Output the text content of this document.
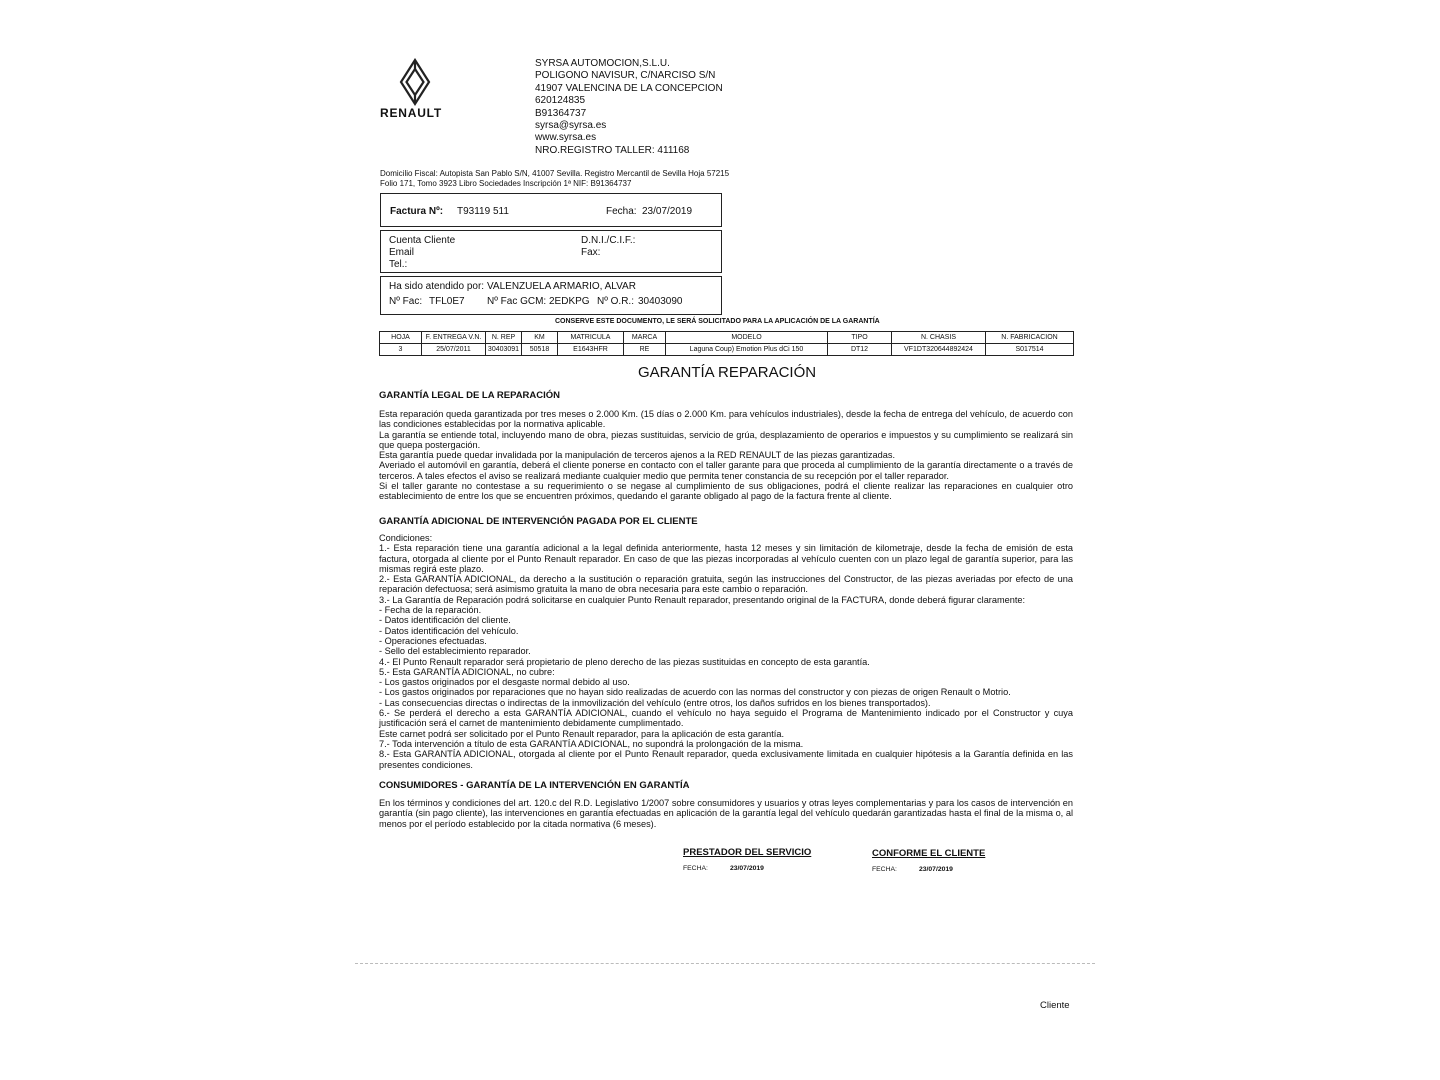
RENAULT
SYRSA AUTOMOCION,S.L.U.
POLIGONO NAVISUR, C/NARCISO S/N
41907 VALENCINA DE LA CONCEPCION
620124835
B91364737
syrsa@syrsa.es
www.syrsa.es
NRO.REGISTRO TALLER: 411168
Domicilio Fiscal: Autopista San Pablo S/N, 41007 Sevilla. Registro Mercantil de Sevilla Hoja 57215
Folio 171, Tomo 3923 Libro Sociedades Inscripción 1ª NIF: B91364737
Factura Nº: T93119 511	Fecha: 23/07/2019
Cuenta Cliente	D.N.I./C.I.F.:
Email	Fax:
Tel.:
Ha sido atendido por: VALENZUELA ARMARIO, ALVAR
Nº Fac: TFL0E7 Nº Fac GCM: 2EDKPG Nº O.R.: 30403090
CONSERVE ESTE DOCUMENTO, LE SERÁ SOLICITADO PARA LA APLICACIÓN DE LA GARANTÍA
HOJA	F. ENTREGA V.N.	N. REP	KM	MATRICULA	MARCA	MODELO	TIPO	N. CHASIS	N. FABRICACION
3	25/07/2011	30403091	50518	E1643HFR	RE	Laguna Coup) Emotion Plus dCi 150	DT12	VF1DT320644892424	S017514
GARANTÍA REPARACIÓN
GARANTÍA LEGAL DE LA REPARACIÓN
Esta reparación queda garantizada por tres meses o 2.000 Km. (15 días o 2.000 Km. para vehículos industriales), desde la fecha de entrega del vehículo, de acuerdo con las condiciones establecidas por la normativa aplicable.
La garantía se entiende total, incluyendo mano de obra, piezas sustituidas, servicio de grúa, desplazamiento de operarios e impuestos y su cumplimiento se realizará sin que quepa postergación.
Esta garantía puede quedar invalidada por la manipulación de terceros ajenos a la RED RENAULT de las piezas garantizadas.
Averiado el automóvil en garantía, deberá el cliente ponerse en contacto con el taller garante para que proceda al cumplimiento de la garantía directamente o a través de terceros. A tales efectos el aviso se realizará mediante cualquier medio que permita tener constancia de su recepción por el taller reparador.
Si el taller garante no contestase a su requerimiento o se negase al cumplimiento de sus obligaciones, podrá el cliente realizar las reparaciones en cualquier otro establecimiento de entre los que se encuentren próximos, quedando el garante obligado al pago de la factura frente al cliente.
GARANTÍA ADICIONAL DE INTERVENCIÓN PAGADA POR EL CLIENTE
Condiciones:
1.- Esta reparación tiene una garantía adicional a la legal definida anteriormente, hasta 12 meses y sin limitación de kilometraje, desde la fecha de emisión de esta factura, otorgada al cliente por el Punto Renault reparador. En caso de que las piezas incorporadas al vehículo cuenten con un plazo legal de garantía superior, para las mismas regirá este plazo.
2.- Esta GARANTÍA ADICIONAL, da derecho a la sustitución o reparación gratuita, según las instrucciones del Constructor, de las piezas averiadas por efecto de una reparación defectuosa; será asimismo gratuita la mano de obra necesaria para este cambio o reparación.
3.- La Garantía de Reparación podrá solicitarse en cualquier Punto Renault reparador, presentando original de la FACTURA, donde deberá figurar claramente:
- Fecha de la reparación.
- Datos identificación del cliente.
- Datos identificación del vehículo.
- Operaciones efectuadas.
- Sello del establecimiento reparador.
4.- El Punto Renault reparador será propietario de pleno derecho de las piezas sustituidas en concepto de esta garantía.
5.- Esta GARANTÍA ADICIONAL, no cubre:
- Los gastos originados por el desgaste normal debido al uso.
- Los gastos originados por reparaciones que no hayan sido realizadas de acuerdo con las normas del constructor y con piezas de origen Renault o Motrio.
- Las consecuencias directas o indirectas de la inmovilización del vehículo (entre otros, los daños sufridos en los bienes transportados).
6.- Se perderá el derecho a esta GARANTÍA ADICIONAL, cuando el vehículo no haya seguido el Programa de Mantenimiento indicado por el Constructor y cuya justificación será el carnet de mantenimiento debidamente cumplimentado.
Este carnet podrá ser solicitado por el Punto Renault reparador, para la aplicación de esta garantía.
7.- Toda intervención a título de esta GARANTÍA ADICIONAL, no supondrá la prolongación de la misma.
8.- Esta GARANTÍA ADICIONAL, otorgada al cliente por el Punto Renault reparador, queda exclusivamente limitada en cualquier hipótesis a la Garantía definida en las presentes condiciones.
CONSUMIDORES - GARANTÍA DE LA INTERVENCIÓN EN GARANTÍA
En los términos y condiciones del art. 120.c del R.D. Legislativo 1/2007 sobre consumidores y usuarios y otras leyes complementarias y para los casos de intervención en garantía (sin pago cliente), las intervenciones en garantía efectuadas en aplicación de la garantía legal del vehículo quedarán garantizadas hasta el final de la misma o, al menos por el período establecido por la citada normativa (6 meses).
PRESTADOR DEL SERVICIO
FECHA:	23/07/2019
CONFORME EL CLIENTE
FECHA:	23/07/2019
Cliente
